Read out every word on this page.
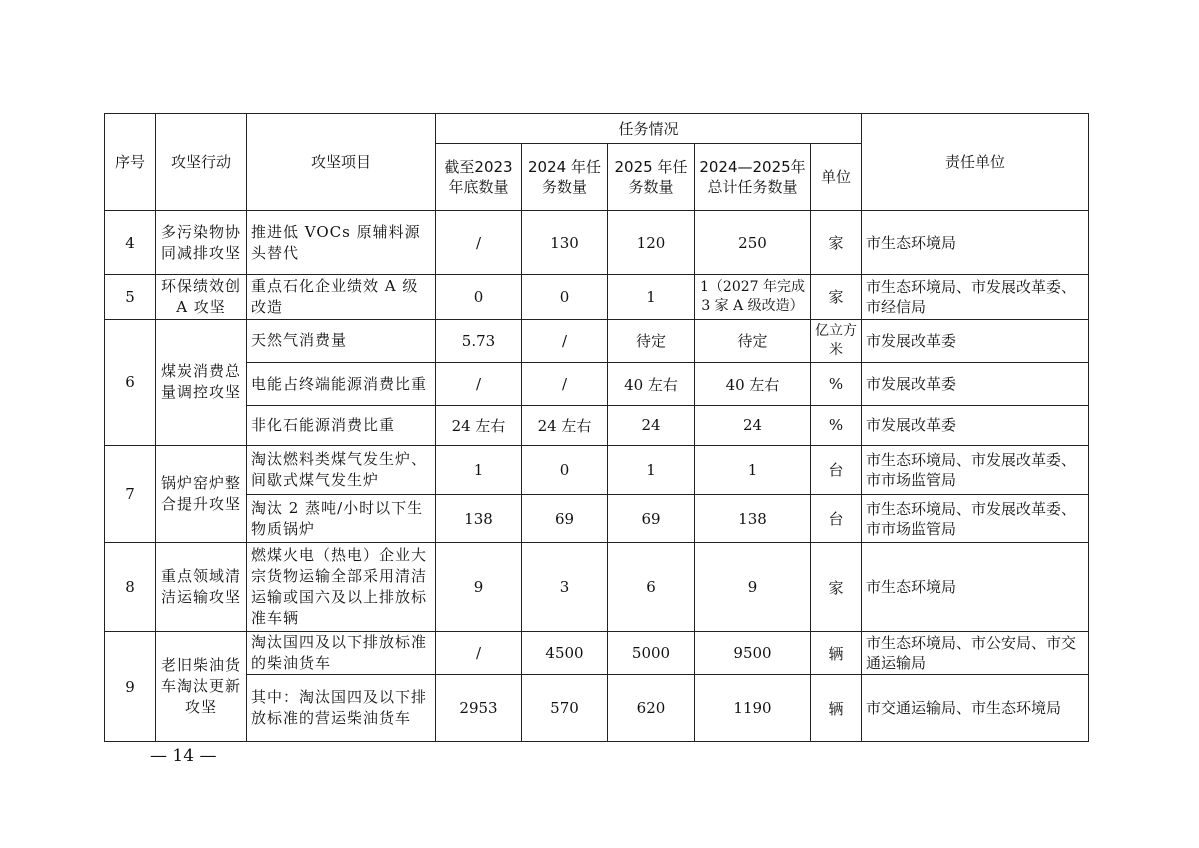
序号	攻坚行动	攻坚项目	任务情况					责任单位
			截至2023年底数量	2024 年任务数量	2025 年任务数量	2024—2025年总计任务数量	单位	
4	多污染物协同减排攻坚	推进低 VOCs 原辅料源头替代	/	130	120	250	家	市生态环境局
5	环保绩效创 A 攻坚	重点石化企业绩效 A 级改造	0	0	1	1（2027 年完成3 家 A 级改造）	家	市生态环境局、市发展改革委、市经信局
6	煤炭消费总量调控攻坚	天然气消费量	5.73	/	待定	待定	亿立方米	市发展改革委
		电能占终端能源消费比重	/	/	40 左右	40 左右	%	市发展改革委
		非化石能源消费比重	24 左右	24 左右	24	24	%	市发展改革委
7	锅炉窑炉整合提升攻坚	淘汰燃料类煤气发生炉、间歇式煤气发生炉	1	0	1	1	台	市生态环境局、市发展改革委、市市场监管局
		淘汰 2 蒸吨/小时以下生物质锅炉	138	69	69	138	台	市生态环境局、市发展改革委、市市场监管局
8	重点领域清洁运输攻坚	燃煤火电（热电）企业大宗货物运输全部采用清洁运输或国六及以上排放标准车辆	9	3	6	9	家	市生态环境局
9	老旧柴油货车淘汰更新攻坚	淘汰国四及以下排放标准的柴油货车	/	4500	5000	9500	辆	市生态环境局、市公安局、市交通运输局
		其中：淘汰国四及以下排放标准的营运柴油货车	2953	570	620	1190	辆	市交通运输局、市生态环境局
— 14 —
